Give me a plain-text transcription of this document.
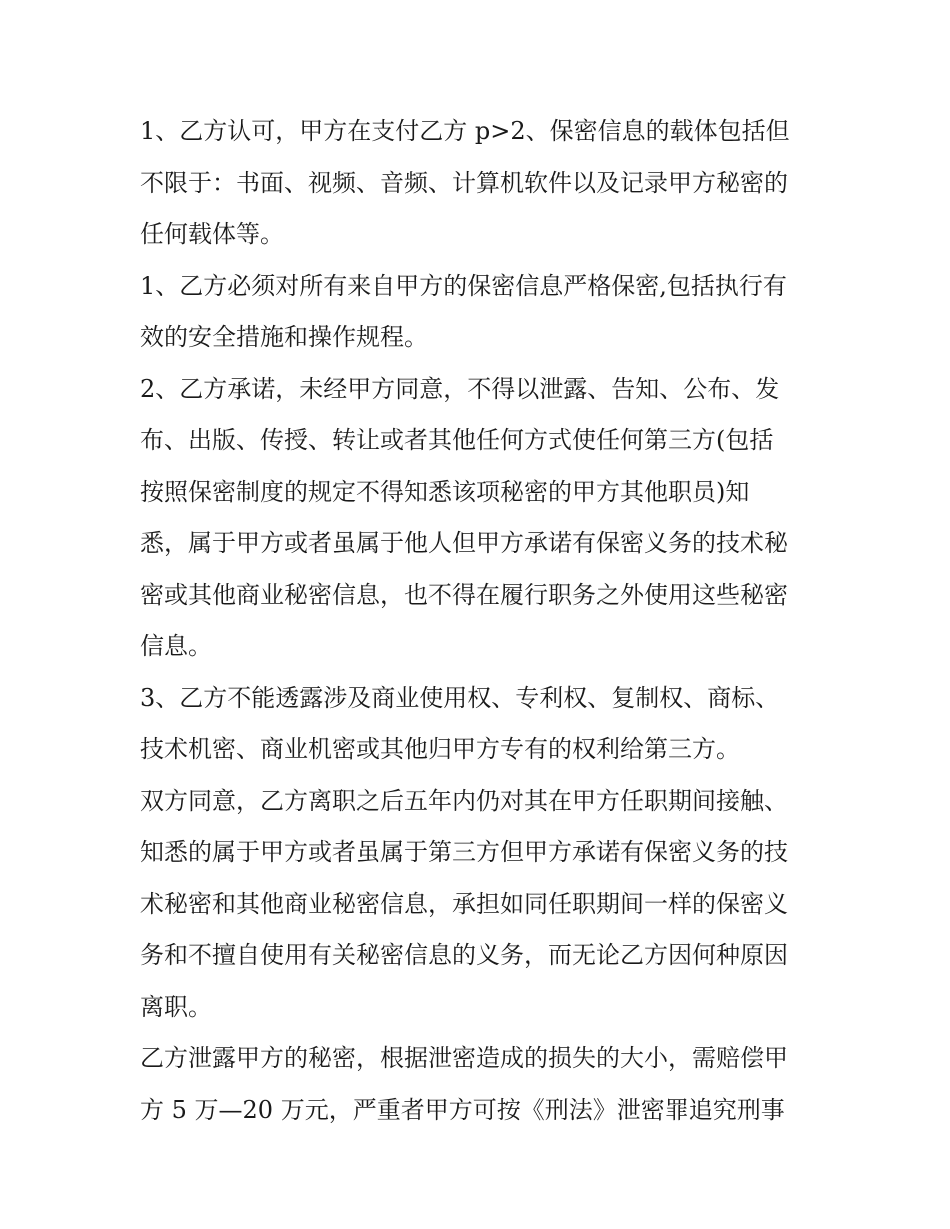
1、乙方认可，甲方在支付乙方 p>2、保密信息的载体包括但
不限于：书面、视频、音频、计算机软件以及记录甲方秘密的
任何载体等。
1、乙方必须对所有来自甲方的保密信息严格保密,包括执行有
效的安全措施和操作规程。
2、乙方承诺，未经甲方同意，不得以泄露、告知、公布、发
布、出版、传授、转让或者其他任何方式使任何第三方(包括
按照保密制度的规定不得知悉该项秘密的甲方其他职员)知
悉，属于甲方或者虽属于他人但甲方承诺有保密义务的技术秘
密或其他商业秘密信息，也不得在履行职务之外使用这些秘密
信息。
3、乙方不能透露涉及商业使用权、专利权、复制权、商标、
技术机密、商业机密或其他归甲方专有的权利给第三方。
双方同意，乙方离职之后五年内仍对其在甲方任职期间接触、
知悉的属于甲方或者虽属于第三方但甲方承诺有保密义务的技
术秘密和其他商业秘密信息，承担如同任职期间一样的保密义
务和不擅自使用有关秘密信息的义务，而无论乙方因何种原因
离职。
乙方泄露甲方的秘密，根据泄密造成的损失的大小，需赔偿甲
方 5 万—20 万元，严重者甲方可按《刑法》泄密罪追究刑事
